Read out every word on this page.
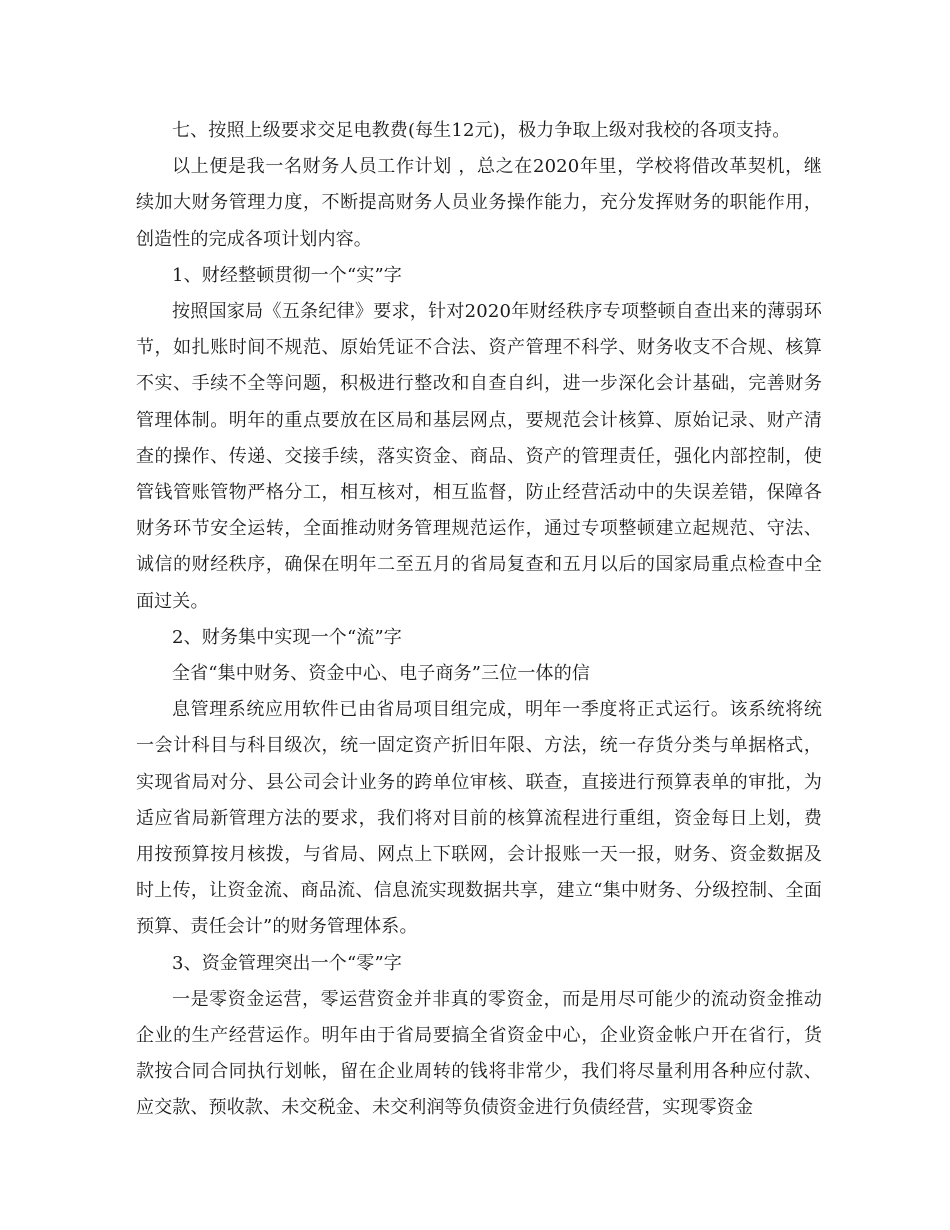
七、按照上级要求交足电教费(每生12元)，极力争取上级对我校的各项支持。

以上便是我一名财务人员工作计划 ，总之在2020年里，学校将借改革契机，继续加大财务管理力度，不断提高财务人员业务操作能力，充分发挥财务的职能作用，创造性的完成各项计划内容。

1、财经整顿贯彻一个“实”字

按照国家局《五条纪律》要求，针对2020年财经秩序专项整顿自查出来的薄弱环节，如扎账时间不规范、原始凭证不合法、资产管理不科学、财务收支不合规、核算不实、手续不全等问题，积极进行整改和自查自纠，进一步深化会计基础，完善财务管理体制。明年的重点要放在区局和基层网点，要规范会计核算、原始记录、财产清查的操作、传递、交接手续，落实资金、商品、资产的管理责任，强化内部控制，使管钱管账管物严格分工，相互核对，相互监督，防止经营活动中的失误差错，保障各财务环节安全运转，全面推动财务管理规范运作，通过专项整顿建立起规范、守法、诚信的财经秩序，确保在明年二至五月的省局复查和五月以后的国家局重点检查中全面过关。

2、财务集中实现一个“流”字

全省“集中财务、资金中心、电子商务”三位一体的信

息管理系统应用软件已由省局项目组完成，明年一季度将正式运行。该系统将统一会计科目与科目级次，统一固定资产折旧年限、方法，统一存货分类与单据格式，实现省局对分、县公司会计业务的跨单位审核、联查，直接进行预算表单的审批，为适应省局新管理方法的要求，我们将对目前的核算流程进行重组，资金每日上划，费用按预算按月核拨，与省局、网点上下联网，会计报账一天一报，财务、资金数据及时上传，让资金流、商品流、信息流实现数据共享，建立“集中财务、分级控制、全面预算、责任会计”的财务管理体系。

3、资金管理突出一个“零”字

一是零资金运营，零运营资金并非真的零资金，而是用尽可能少的流动资金推动企业的生产经营运作。明年由于省局要搞全省资金中心，企业资金帐户开在省行，货款按合同合同执行划帐，留在企业周转的钱将非常少，我们将尽量利用各种应付款、应交款、预收款、未交税金、未交利润等负债资金进行负债经营，实现零资金
